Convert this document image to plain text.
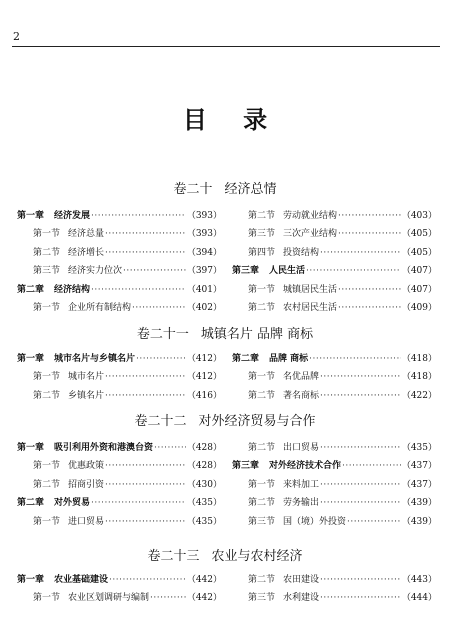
2
目 录
卷二十 经济总情
第一章 经济发展 ·····	（393）	第二节 劳动就业结构 ·····	（403）
第一节 经济总量 ·····	（393）	第三节 三次产业结构 ·····	（405）
第二节 经济增长 ·····	（394）	第四节 投资结构 ·····	（405）
第三节 经济实力位次 ·····	（397） 第三章 人民生活 ·····	（407）
第二章 经济结构 ·····	（401）	第一节 城镇居民生活 ·····	（407）
第一节 企业所有制结构 ·····	（402）	第二节 农村居民生活 ·····	（409）
卷二十一 城镇名片 品牌 商标
第一章 城市名片与乡镇名片 ·····	（412） 第二章 品牌 商标 ·····	（418）
第一节 城市名片 ·····	（412）	第一节 名优品牌 ·····	（418）
第二节 乡镇名片 ·····	（416）	第二节 著名商标 ·····	（422）
卷二十二 对外经济贸易与合作
第一章 吸引利用外资和港澳台资 ·····	（428）	第二节 出口贸易 ·····	（435）
第一节 优惠政策 ·····	（428） 第三章 对外经济技术合作 ·····	（437）
第二节 招商引资 ·····	（430）	第一节 来料加工 ·····	（437）
第二章 对外贸易 ·····	（435）	第二节 劳务输出 ·····	（439）
第一节 进口贸易 ·····	（435）	第三节 国（境）外投资 ·····	（439）
卷二十三 农业与农村经济
第一章 农业基础建设 ·····	（442）	第二节 农田建设 ·····	（443）
第一节 农业区划调研与编制 ·····	（442）	第三节 水利建设 ·····	（444）
